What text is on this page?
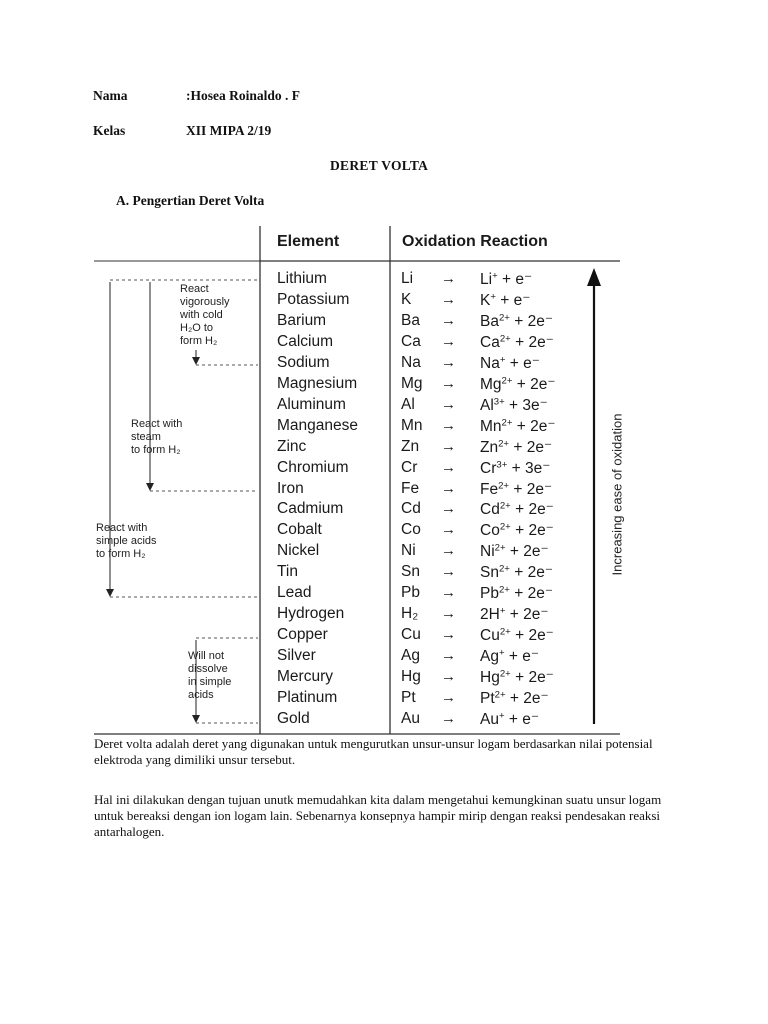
Nama	:Hosea Roinaldo . F
Kelas	XII MIPA 2/19
DERET VOLTA
A. Pengertian Deret Volta
Element	Oxidation Reaction
Lithium	Li → Li+ + e⁻
Potassium	K → K+ + e⁻
Barium	$Ba \to Ba^{2+} + 2e^-$
Calcium	$Ca \to Ca^{2+} + 2e^-$
Sodium	Na → Na+ + e⁻
Magnesium	$Mg \to Mg^{2+} + 2e^-$
Aluminum	$Al \to Al^{3+} + 3e^-$
Manganese	$Mn \to Mn^{2+} + 2e^-$
Zinc	$Zn \to Zn^{2+} + 2e^-$
Chromium	$Cr \to Cr^{3+} + 3e^-$
Iron	$Fe \to Fe^{2+} + 2e^-$
Cadmium	$Cd \to Cd^{2+} + 2e^-$
Cobalt	$Co \to Co^{2+} + 2e^-$
Nickel	$Ni \to Ni^{2+} + 2e^-$
Tin	$Sn \to Sn^{2+} + 2e^-$
Lead	$Pb \to Pb^{2+} + 2e^-$
Hydrogen	H₂ → 2H+ + 2e⁻
Copper	$Cu \to Cu^{2+} + 2e^-$
Silver	Ag → Ag+ + e⁻
Mercury	$Hg \to Hg^{2+} + 2e^-$
Platinum	$Pt \to Pt^{2+} + 2e^-$
Gold	Au → Au+ + e⁻
React
vigorously
with cold
H₂O to
form H₂
React with
steam
to form H₂
React with
simple acids
to form H₂
Will not
dissolve
in simple
acids
Increasing ease of oxidation
Deret volta adalah deret yang digunakan untuk mengurutkan unsur-unsur logam berdasarkan nilai potensial elektroda yang dimiliki unsur tersebut.
Hal ini dilakukan dengan tujuan unutk memudahkan kita dalam mengetahui kemungkinan suatu unsur logam untuk bereaksi dengan ion logam lain. Sebenarnya konsepnya hampir mirip dengan reaksi pendesakan reaksi antarhalogen.
